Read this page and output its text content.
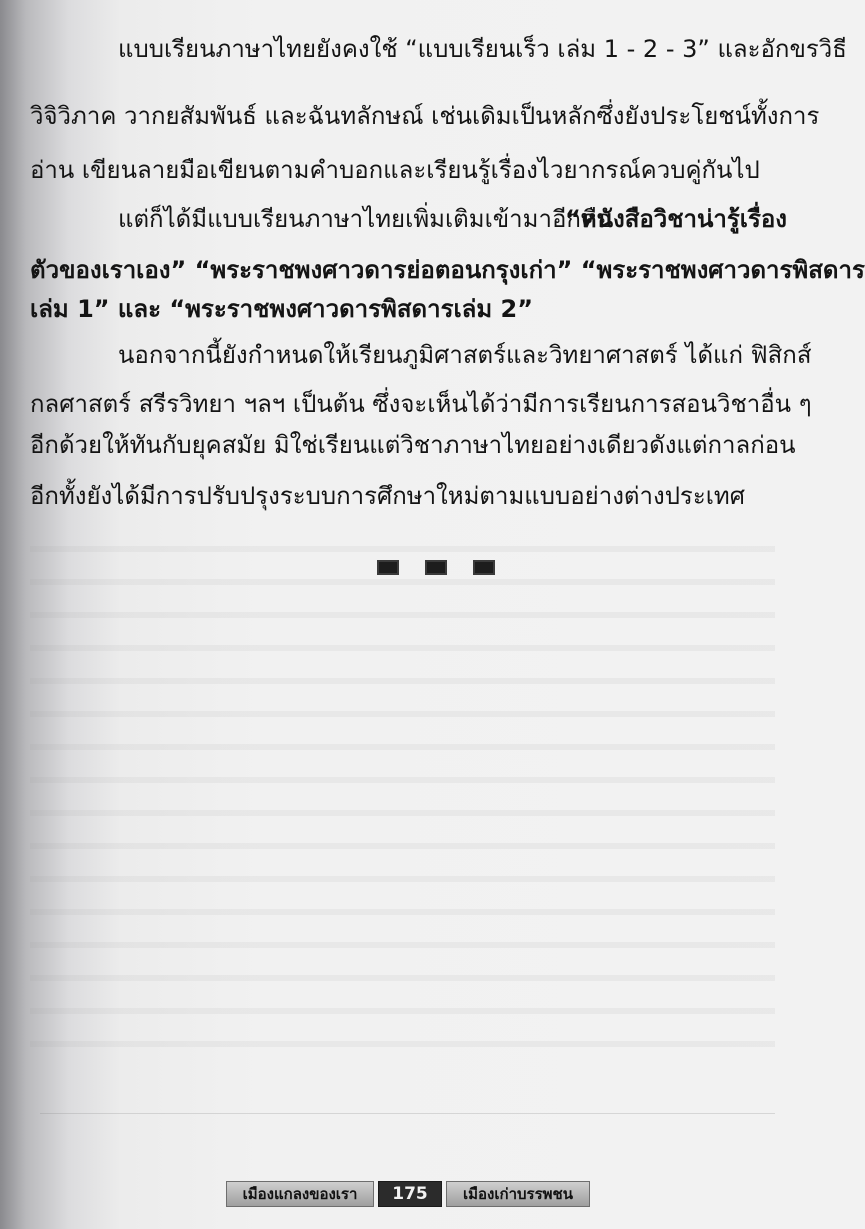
แบบเรียนภาษาไทยยังคงใช้ “แบบเรียนเร็ว เล่ม 1 - 2 - 3” และอักขรวิธี
วิจิวิภาค วากยสัมพันธ์ และฉันทลักษณ์ เช่นเดิมเป็นหลักซึ่งยังประโยชน์ทั้งการ
อ่าน เขียนลายมือเขียนตามคำบอกและเรียนรู้เรื่องไวยากรณ์ควบคู่กันไป
แต่ก็ได้มีแบบเรียนภาษาไทยเพิ่มเติมเข้ามาอีกคือ
“หนังสือวิชาน่ารู้เรื่อง
ตัวของเราเอง” “พระราชพงศาวดารย่อตอนกรุงเก่า” “พระราชพงศาวดารพิสดาร
เล่ม 1” และ “พระราชพงศาวดารพิสดารเล่ม 2”
นอกจากนี้ยังกำหนดให้เรียนภูมิศาสตร์และวิทยาศาสตร์ ได้แก่ ฟิสิกส์
กลศาสตร์ สรีรวิทยา ฯลฯ เป็นต้น ซึ่งจะเห็นได้ว่ามีการเรียนการสอนวิชาอื่น ๆ
อีกด้วยให้ทันกับยุคสมัย มิใช่เรียนแต่วิชาภาษาไทยอย่างเดียวดังแต่กาลก่อน
อีกทั้งยังได้มีการปรับปรุงระบบการศึกษาใหม่ตามแบบอย่างต่างประเทศ
เมืองแกลงของเรา	175	เมืองเก่าบรรพชน
